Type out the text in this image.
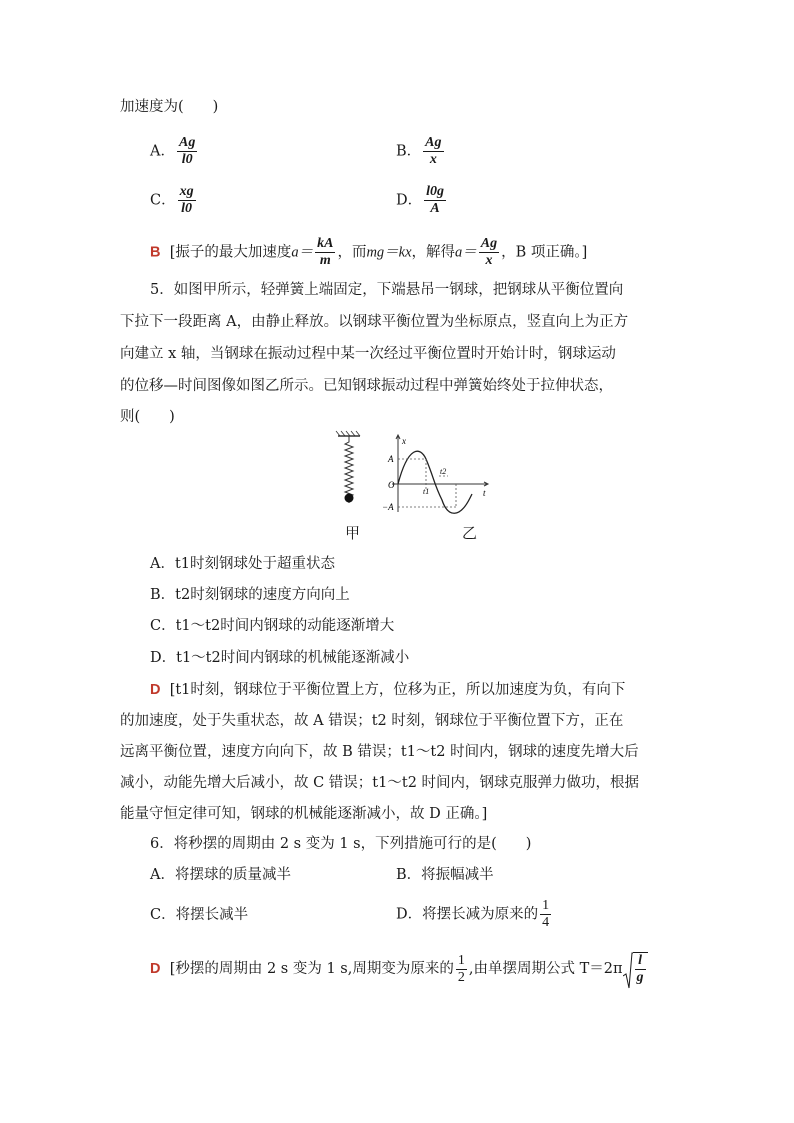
加速度为(　　)
A． $\frac{Ag}{l0}$	B． $\frac{Ag}{x}$
C． $\frac{xg}{l0}$	D． $\frac{l0g}{A}$
B [振子的最大加速度$a= \frac{kA}{m}$ ，而mg＝kx，解得$a= \frac{Ag}{x}$ ，B 项正确。]
5．如图甲所示，轻弹簧上端固定，下端悬吊一钢球，把钢球从平衡位置向
下拉下一段距离 A，由静止释放。以钢球平衡位置为坐标原点，竖直向上为正方
向建立 x 轴，当钢球在振动过程中某一次经过平衡位置时开始计时，钢球运动
的位移—时间图像如图乙所示。已知钢球振动过程中弹簧始终处于拉伸状态，
则(　　)
x
t
O
A
−A
t1
t2
甲	乙
A．t1时刻钢球处于超重状态
B．t2时刻钢球的速度方向向上
C．t1～t2时间内钢球的动能逐渐增大
D．t1～t2时间内钢球的机械能逐渐减小
D [t1时刻，钢球位于平衡位置上方，位移为正，所以加速度为负，有向下
的加速度，处于失重状态，故 A 错误；t2 时刻，钢球位于平衡位置下方，正在
远离平衡位置，速度方向向下，故 B 错误；t1～t2 时间内，钢球的速度先增大后
减小，动能先增大后减小，故 C 错误；t1～t2 时间内，钢球克服弹力做功，根据
能量守恒定律可知，钢球的机械能逐渐减小，故 D 正确。]
6．将秒摆的周期由 2 s 变为 1 s，下列措施可行的是(　　)
A．将摆球的质量减半	B．将振幅减半
C．将摆长减半	D．将摆长减为原来的 $\frac{1}{4}$
D [秒摆的周期由 2 s 变为 1 s,周期变为原来的 $\frac{1}{2}$ ,由单摆周期公式 $T=2\pi \frac{l}{g}$
